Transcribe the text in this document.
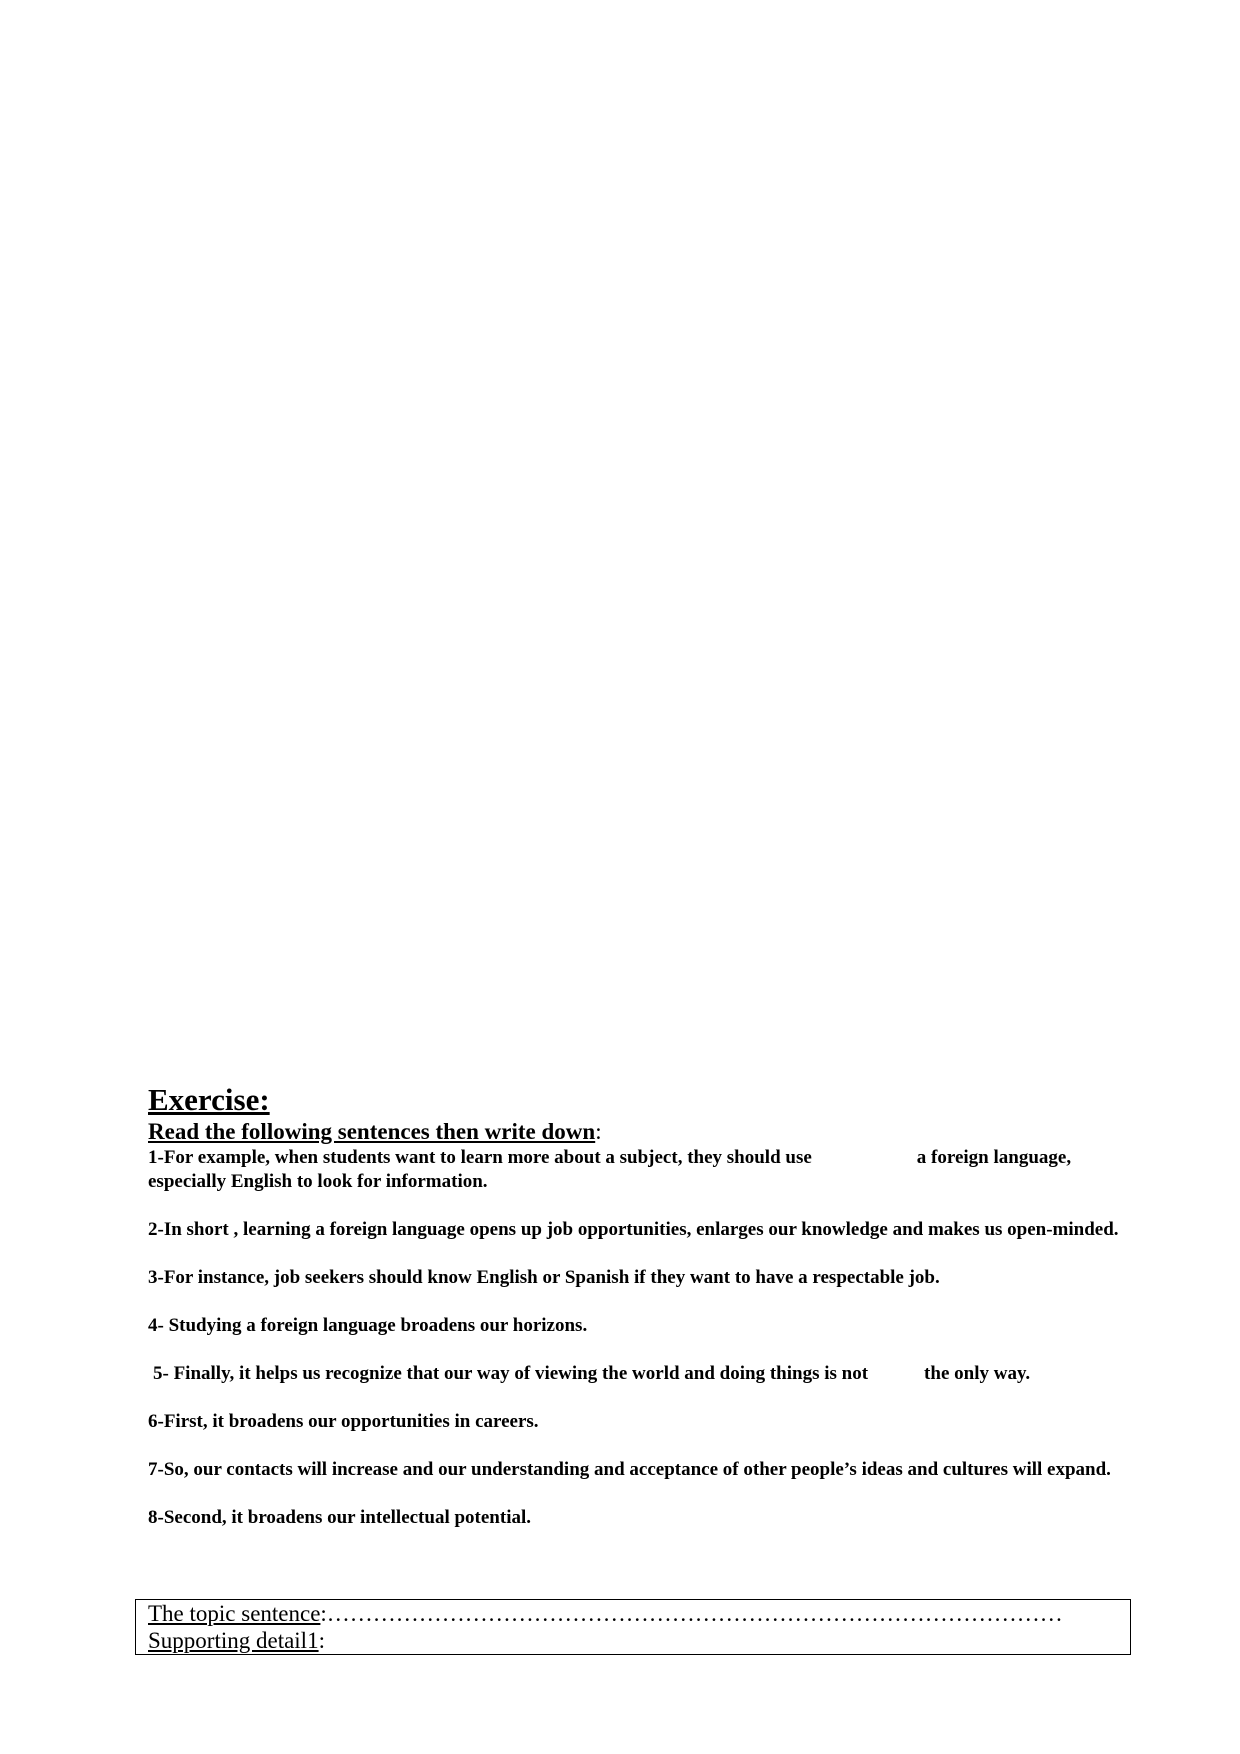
Exercise:

Read the following sentences then write down:

1-For example, when students want to learn more about a subject, they should use	a foreign language, especially English to look for information.
2-In short , learning a foreign language opens up job opportunities, enlarges our knowledge and makes us open-minded.
3-For instance, job seekers should know English or Spanish if they want to have a respectable job.
4- Studying a foreign language broadens our horizons.
5- Finally, it helps us recognize that our way of viewing the world and doing things is not	the only way.
6-First, it broadens our opportunities in careers.
7-So, our contacts will increase and our understanding and acceptance of other people’s ideas and cultures will expand.
8-Second, it broadens our intellectual potential.

The topic sentence:……………………………………………………………………………………

Supporting detail1:
